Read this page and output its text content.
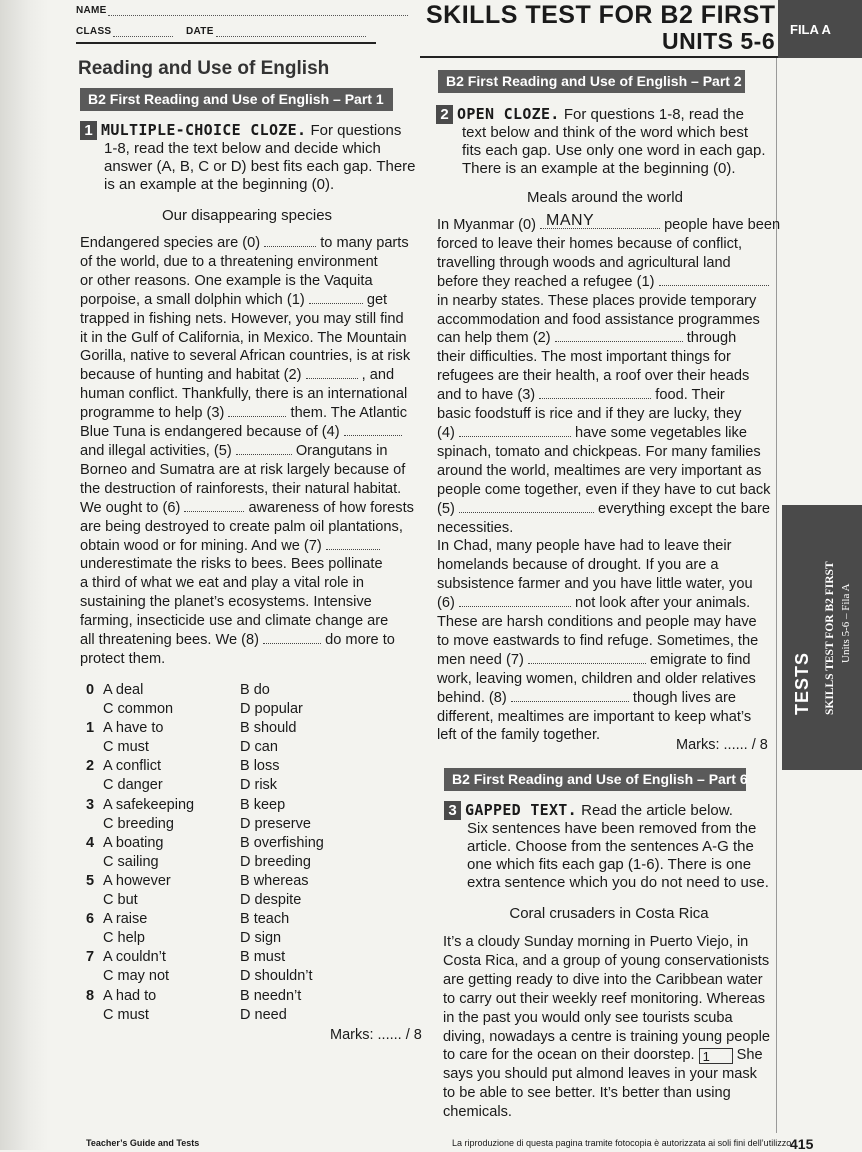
NAME
CLASS	DATE
SKILLS TEST FOR B2 FIRST
UNITS 5-6	FILA A
Reading and Use of English
B2 First Reading and Use of English – Part 1
1 MULTIPLE-CHOICE CLOZE. For questions
1-8, read the text below and decide which
answer (A, B, C or D) best fits each gap. There
is an example at the beginning (0).
Our disappearing species
Endangered species are (0)	to many parts
of the world, due to a threatening environment
or other reasons. One example is the Vaquita
porpoise, a small dolphin which (1)	get
trapped in fishing nets. However, you may still find
it in the Gulf of California, in Mexico. The Mountain
Gorilla, native to several African countries, is at risk
because of hunting and habitat (2)	, and
human conflict. Thankfully, there is an international
programme to help (3)	them. The Atlantic
Blue Tuna is endangered because of (4)
and illegal activities, (5)	Orangutans in
Borneo and Sumatra are at risk largely because of
the destruction of rainforests, their natural habitat.
We ought to (6)	awareness of how forests
are being destroyed to create palm oil plantations,
obtain wood or for mining. And we (7)
underestimate the risks to bees. Bees pollinate
a third of what we eat and play a vital role in
sustaining the planet’s ecosystems. Intensive
farming, insecticide use and climate change are
all threatening bees. We (8)	do more to
protect them.
0 A deal	B do
C common	D popular
1 A have to	B should
C must	D can
2 A conflict	B loss
C danger	D risk
3 A safekeeping	B keep
C breeding	D preserve
4 A boating	B overfishing
C sailing	D breeding
5 A however	B whereas
C but	D despite
6 A raise	B teach
C help	D sign
7 A couldn’t	B must
C may not	D shouldn’t
8 A had to	B needn’t
C must	D need
Marks: ...... / 8
B2 First Reading and Use of English – Part 2
2 OPEN CLOZE. For questions 1-8, read the
text below and think of the word which best
fits each gap. Use only one word in each gap.
There is an example at the beginning (0).
Meals around the world
In Myanmar (0) MANY	people have been
forced to leave their homes because of conflict,
travelling through woods and agricultural land
before they reached a refugee (1)
in nearby states. These places provide temporary
accommodation and food assistance programmes
can help them (2)	through
their difficulties. The most important things for
refugees are their health, a roof over their heads
and to have (3)	food. Their
basic foodstuff is rice and if they are lucky, they
(4)	have some vegetables like
spinach, tomato and chickpeas. For many families
around the world, mealtimes are very important as
people come together, even if they have to cut back
(5)	everything except the bare
necessities.
In Chad, many people have had to leave their
homelands because of drought. If you are a
subsistence farmer and you have little water, you
(6)	not look after your animals.
These are harsh conditions and people may have
to move eastwards to find refuge. Sometimes, the
men need (7)	emigrate to find
work, leaving women, children and older relatives
behind. (8)	though lives are
different, mealtimes are important to keep what’s
left of the family together.
Marks: ...... / 8
B2 First Reading and Use of English – Part 6
3 GAPPED TEXT. Read the article below.
Six sentences have been removed from the
article. Choose from the sentences A-G the
one which fits each gap (1-6). There is one
extra sentence which you do not need to use.
Coral crusaders in Costa Rica
It’s a cloudy Sunday morning in Puerto Viejo, in
Costa Rica, and a group of young conservationists
are getting ready to dive into the Caribbean water
to carry out their weekly reef monitoring. Whereas
in the past you would only see tourists scuba
diving, nowadays a centre is training young people
to care for the ocean on their doorstep. 1 She
says you should put almond leaves in your mask
to be able to see better. It’s better than using
chemicals.
TESTS SKILLS TEST FOR B2 FIRST Units 5-6 – Fila A
Teacher’s Guide and Tests	La riproduzione di questa pagina tramite fotocopia è autorizzata ai soli fini dell’utilizzo
415
